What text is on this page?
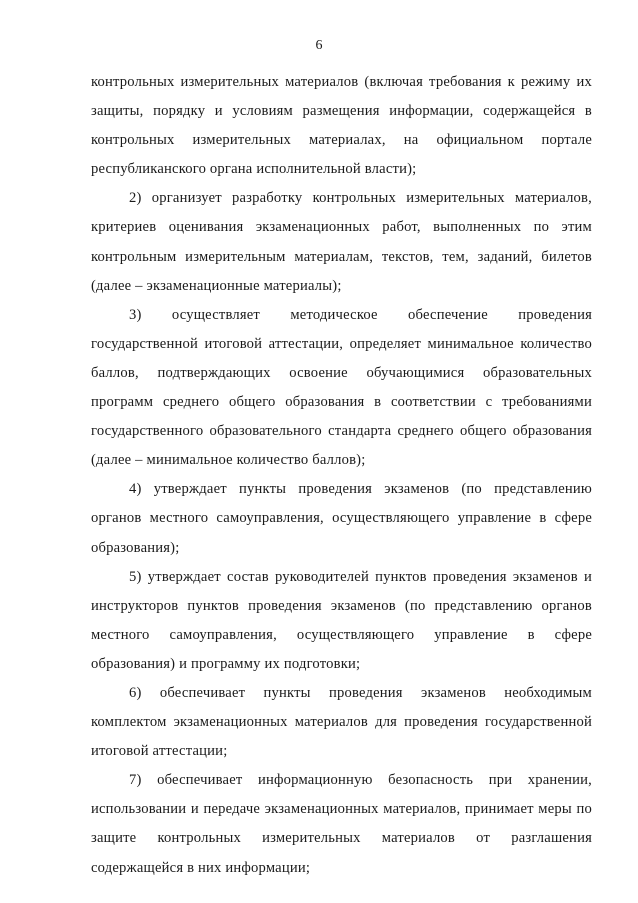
6

контрольных измерительных материалов (включая требования к режиму их защиты, порядку и условиям размещения информации, содержащейся в контрольных измерительных материалах, на официальном портале республиканского органа исполнительной власти);

2) организует разработку контрольных измерительных материалов, критериев оценивания экзаменационных работ, выполненных по этим контрольным измерительным материалам, текстов, тем, заданий, билетов (далее – экзаменационные материалы);

3) осуществляет методическое обеспечение проведения государственной итоговой аттестации, определяет минимальное количество баллов, подтверждающих освоение обучающимися образовательных программ среднего общего образования в соответствии с требованиями государственного образовательного стандарта среднего общего образования (далее – минимальное количество баллов);

4) утверждает пункты проведения экзаменов (по представлению органов местного самоуправления, осуществляющего управление в сфере образования);

5) утверждает состав руководителей пунктов проведения экзаменов и инструкторов пунктов проведения экзаменов (по представлению органов местного самоуправления, осуществляющего управление в сфере образования) и программу их подготовки;

6) обеспечивает пункты проведения экзаменов необходимым комплектом экзаменационных материалов для проведения государственной итоговой аттестации;

7) обеспечивает информационную безопасность при хранении, использовании и передаче экзаменационных материалов, принимает меры по защите контрольных измерительных материалов от разглашения содержащейся в них информации;
